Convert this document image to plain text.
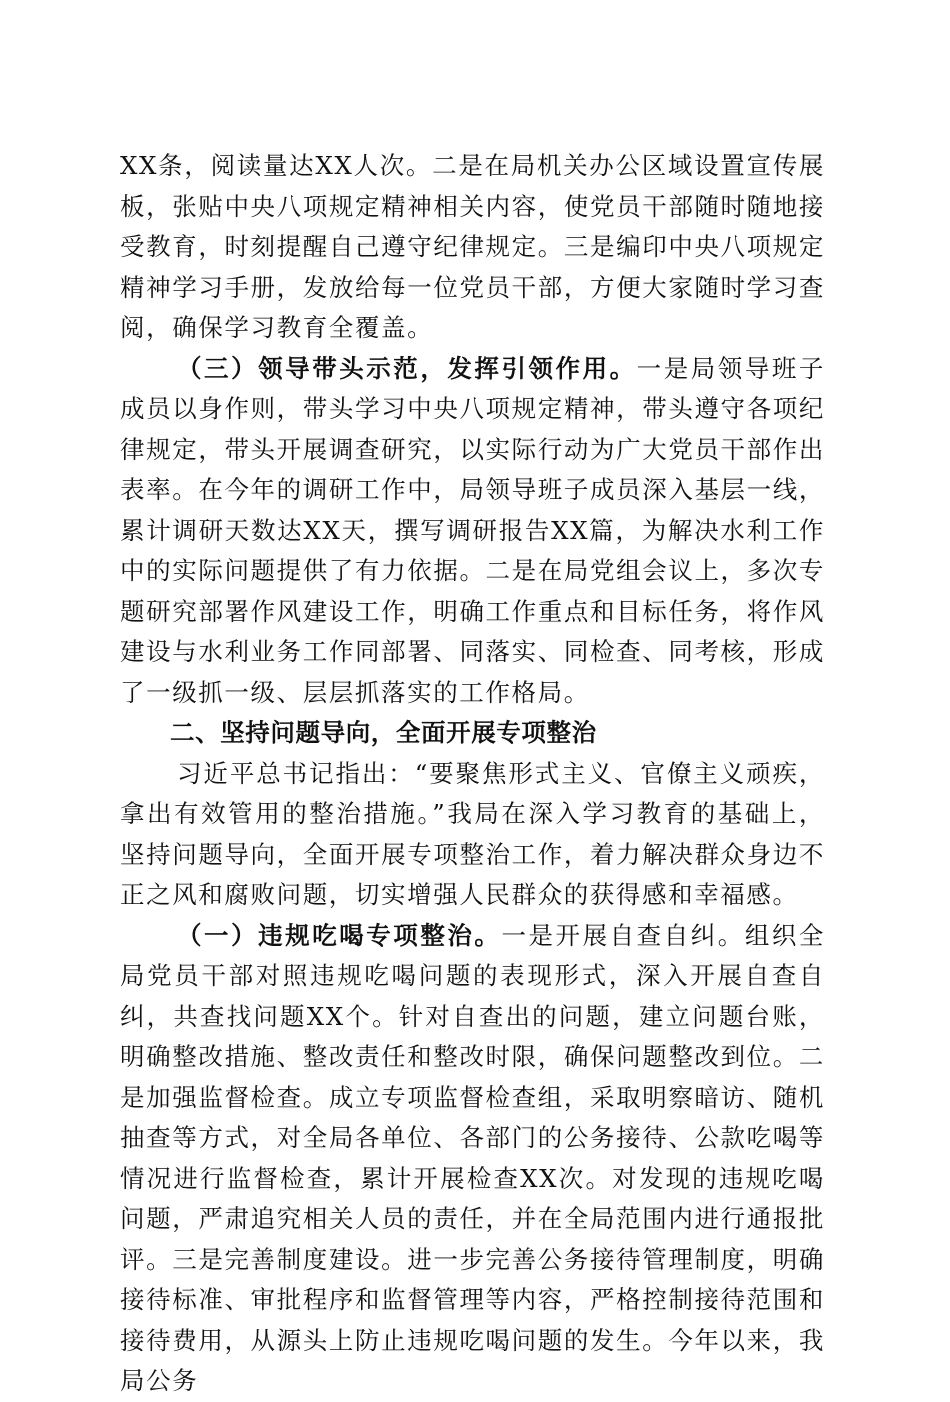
XX条，阅读量达XX人次。二是在局机关办公区域设置宣传展板，张贴中央八项规定精神相关内容，使党员干部随时随地接受教育，时刻提醒自己遵守纪律规定。三是编印中央八项规定精神学习手册，发放给每一位党员干部，方便大家随时学习查阅，确保学习教育全覆盖。

（三）领导带头示范，发挥引领作用。一是局领导班子成员以身作则，带头学习中央八项规定精神，带头遵守各项纪律规定，带头开展调查研究，以实际行动为广大党员干部作出表率。在今年的调研工作中，局领导班子成员深入基层一线，累计调研天数达XX天，撰写调研报告XX篇，为解决水利工作中的实际问题提供了有力依据。二是在局党组会议上，多次专题研究部署作风建设工作，明确工作重点和目标任务，将作风建设与水利业务工作同部署、同落实、同检查、同考核，形成了一级抓一级、层层抓落实的工作格局。

二、坚持问题导向，全面开展专项整治

习近平总书记指出：“要聚焦形式主义、官僚主义顽疾，拿出有效管用的整治措施。”我局在深入学习教育的基础上，坚持问题导向，全面开展专项整治工作，着力解决群众身边不正之风和腐败问题，切实增强人民群众的获得感和幸福感。

（一）违规吃喝专项整治。一是开展自查自纠。组织全局党员干部对照违规吃喝问题的表现形式，深入开展自查自纠，共查找问题XX个。针对自查出的问题，建立问题台账，明确整改措施、整改责任和整改时限，确保问题整改到位。二是加强监督检查。成立专项监督检查组，采取明察暗访、随机抽查等方式，对全局各单位、各部门的公务接待、公款吃喝等情况进行监督检查，累计开展检查XX次。对发现的违规吃喝问题，严肃追究相关人员的责任，并在全局范围内进行通报批评。三是完善制度建设。进一步完善公务接待管理制度，明确接待标准、审批程序和监督管理等内容，严格控制接待范围和接待费用，从源头上防止违规吃喝问题的发生。今年以来，我局公务
